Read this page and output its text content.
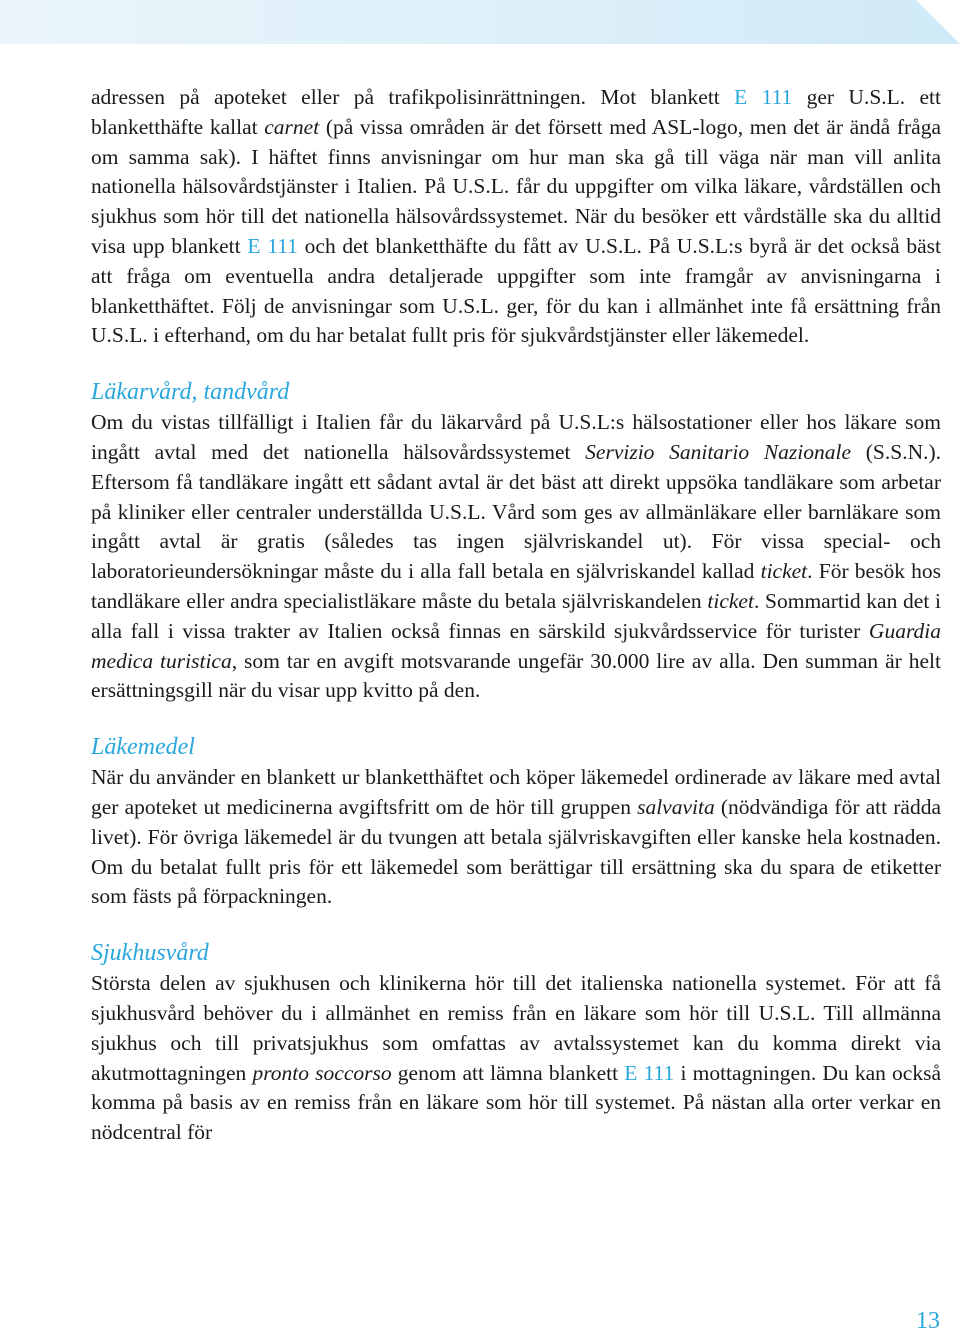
adressen på apoteket eller på trafikpolisinrättningen. Mot blankett E 111 ger U.S.L. ett blanketthäfte kallat carnet (på vissa områden är det försett med ASL-logo, men det är ändå fråga om samma sak). I häftet finns anvisningar om hur man ska gå till väga när man vill anlita nationella hälsovårdstjänster i Italien. På U.S.L. får du uppgifter om vilka läkare, vårdställen och sjukhus som hör till det nationella hälsovårdssystemet. När du besöker ett vårdställe ska du alltid visa upp blankett E 111 och det blanketthäfte du fått av U.S.L. På U.S.L:s byrå är det också bäst att fråga om eventuella andra detaljerade uppgifter som inte framgår av anvisningarna i blanketthäftet. Följ de anvisningar som U.S.L. ger, för du kan i allmänhet inte få ersättning från U.S.L. i efterhand, om du har betalat fullt pris för sjukvårdstjänster eller läkemedel.

Läkarvård, tandvård

Om du vistas tillfälligt i Italien får du läkarvård på U.S.L:s hälsostationer eller hos läkare som ingått avtal med det nationella hälsovårdssystemet Servizio Sanitario Nazionale (S.S.N.). Eftersom få tandläkare ingått ett sådant avtal är det bäst att direkt uppsöka tandläkare som arbetar på kliniker eller centraler underställda U.S.L. Vård som ges av allmänläkare eller barnläkare som ingått avtal är gratis (således tas ingen självriskandel ut). För vissa special- och laboratorieundersökningar måste du i alla fall betala en självriskandel kallad ticket. För besök hos tandläkare eller andra specialistläkare måste du betala självriskandelen ticket. Sommartid kan det i alla fall i vissa trakter av Italien också finnas en särskild sjukvårdsservice för turister Guardia medica turistica, som tar en avgift motsvarande ungefär 30.000 lire av alla. Den summan är helt ersättningsgill när du visar upp kvitto på den.

Läkemedel

När du använder en blankett ur blanketthäftet och köper läkemedel ordinerade av läkare med avtal ger apoteket ut medicinerna avgiftsfritt om de hör till gruppen salvavita (nödvändiga för att rädda livet). För övriga läkemedel är du tvungen att betala självriskavgiften eller kanske hela kostnaden. Om du betalat fullt pris för ett läkemedel som berättigar till ersättning ska du spara de etiketter som fästs på förpackningen.

Sjukhusvård

Största delen av sjukhusen och klinikerna hör till det italienska nationella systemet. För att få sjukhusvård behöver du i allmänhet en remiss från en läkare som hör till U.S.L. Till allmänna sjukhus och till privatsjukhus som omfattas av avtalssystemet kan du komma direkt via akutmottagningen pronto soccorso genom att lämna blankett E 111 i mottagningen. Du kan också komma på basis av en remiss från en läkare som hör till systemet. På nästan alla orter verkar en nödcentral för

13
